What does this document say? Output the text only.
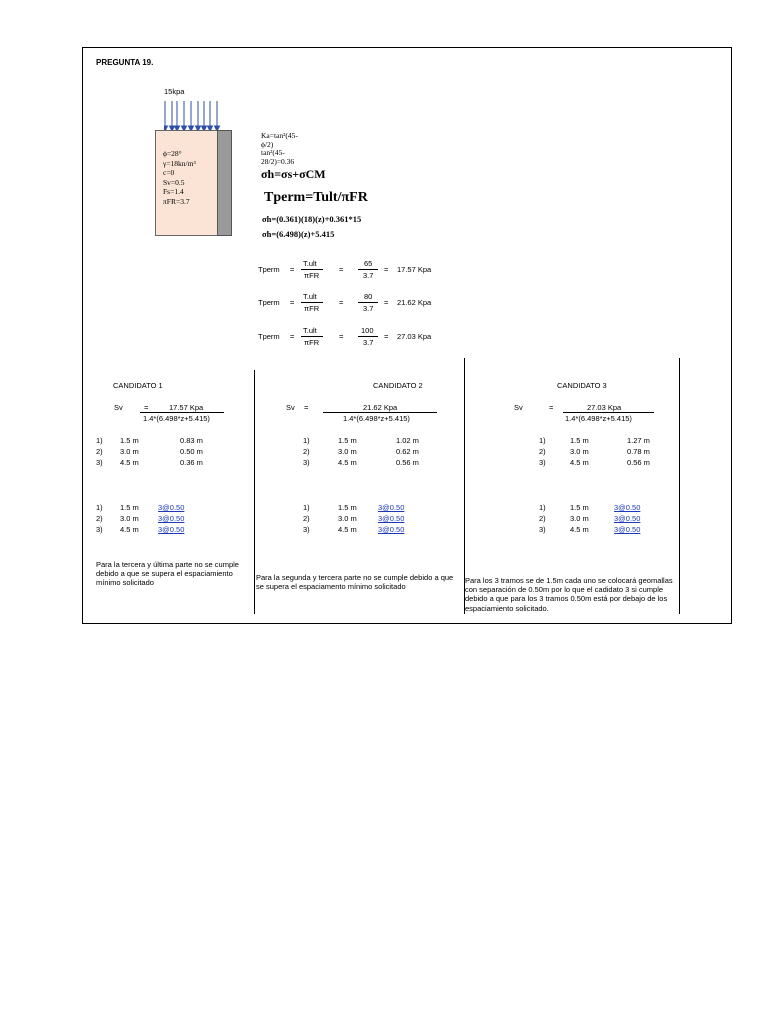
PREGUNTA 19.
15kpa
ϕ=28°
γ=18kn/m³
c=0
Sv=0.5
Fs=1.4
πFR=3.7
Ka=tan²(45-
ϕ/2)
tan²(45-
28/2)=0.36
σh=σs+σCM
Tperm=Tult/πFR
σh=(0.361)(18)(z)+0.361*15
σh=(6.498)(z)+5.415
Tperm =
T.ult
πFR
=
65
3.7
= 17.57 Kpa
Tperm =
T.ult
πFR
=
80
3.7
= 21.62 Kpa
Tperm =
T.ult
πFR
=
100
3.7
= 27.03 Kpa
CANDIDATO 1
Sv	=	17.57 Kpa
1.4*(6.498*z+5.415)
1) 1.5 m	0.83 m
2) 3.0 m	0.50 m
3) 4.5 m	0.36 m
1) 1.5 m	3@0.50
2) 3.0 m	3@0.50
3) 4.5 m	3@0.50
Para la tercera y última parte no se cumple debido a que se supera el espaciamiento mínimo solicitado
CANDIDATO 2
Sv =	21.62 Kpa
1.4*(6.498*z+5.415)
1)	1.5 m	1.02 m
2)	3.0 m	0.62 m
3)	4.5 m	0.56 m
1)	1.5 m	3@0.50
2)	3.0 m	3@0.50
3)	4.5 m	3@0.50
Para la segunda y tercera parte no se cumple debido a que se supera el espaciamento mínimo solicitado
CANDIDATO 3
Sv	=	27.03 Kpa
1.4*(6.498*z+5.415)
1)	1.5 m	1.27 m
2)	3.0 m	0.78 m
3)	4.5 m	0.56 m
1)	1.5 m	3@0.50
2)	3.0 m	3@0.50
3)	4.5 m	3@0.50
Para los 3 tramos se de 1.5m cada uno se colocará geomallas con separación de 0.50m por lo que el cadidato 3 si cumple debido a que para los 3 tramos 0.50m está por debajo de los espaciamiento solicitado.
